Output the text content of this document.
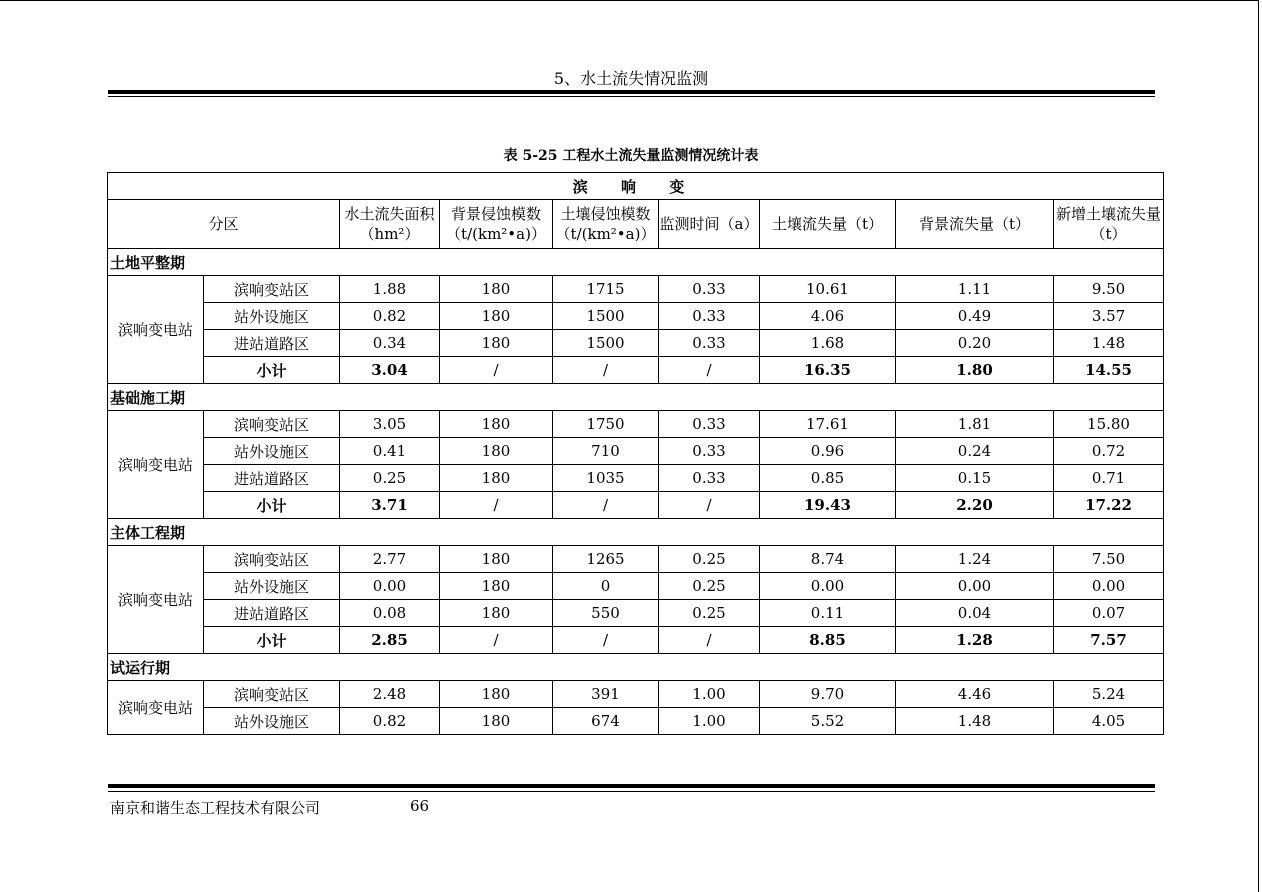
5、水土流失情况监测
表 5-25 工程水土流失量监测情况统计表
滨 响 变								
分区		水土流失面积（hm²）	背景侵蚀模数（t/(km²•a)）	土壤侵蚀模数（t/(km²•a)）	监测时间（a）	土壤流失量（t）	背景流失量（t）	新增土壤流失量（t）
土地平整期								
滨响变电站	滨响变站区	1.88	180	1715	0.33	10.61	1.11	9.50
	站外设施区	0.82	180	1500	0.33	4.06	0.49	3.57
	进站道路区	0.34	180	1500	0.33	1.68	0.20	1.48
	小计	3.04	/	/	/	16.35	1.80	14.55
基础施工期								
滨响变电站	滨响变站区	3.05	180	1750	0.33	17.61	1.81	15.80
	站外设施区	0.41	180	710	0.33	0.96	0.24	0.72
	进站道路区	0.25	180	1035	0.33	0.85	0.15	0.71
	小计	3.71	/	/	/	19.43	2.20	17.22
主体工程期								
滨响变电站	滨响变站区	2.77	180	1265	0.25	8.74	1.24	7.50
	站外设施区	0.00	180	0	0.25	0.00	0.00	0.00
	进站道路区	0.08	180	550	0.25	0.11	0.04	0.07
	小计	2.85	/	/	/	8.85	1.28	7.57
试运行期								
滨响变电站	滨响变站区	2.48	180	391	1.00	9.70	4.46	5.24
	站外设施区	0.82	180	674	1.00	5.52	1.48	4.05
南京和谐生态工程技术有限公司	66
